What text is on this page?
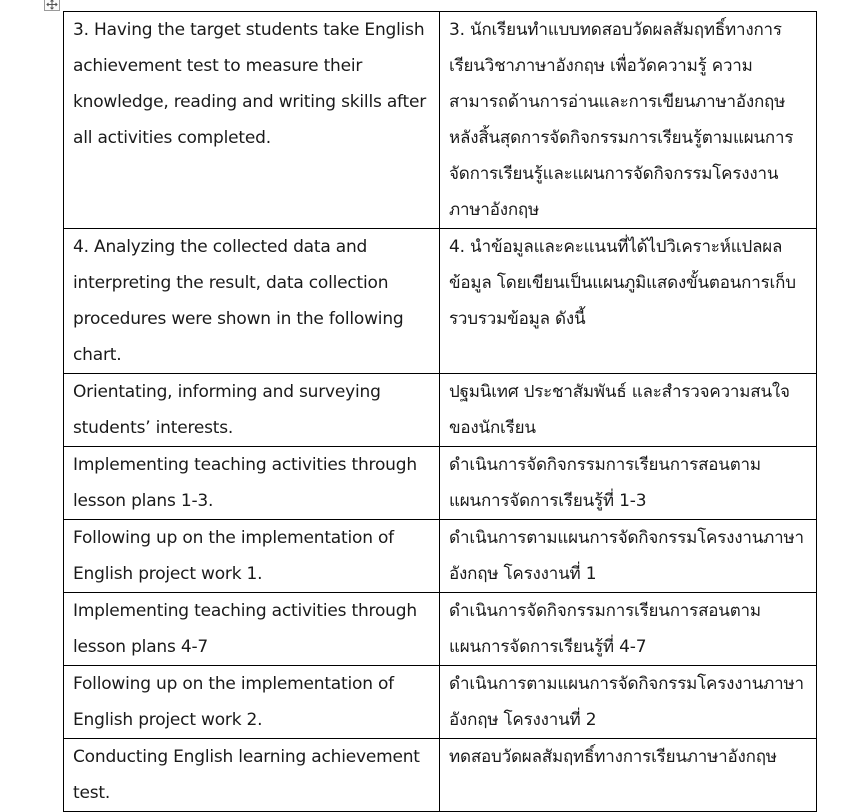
3. Having the target students take English achievement test to measure their knowledge, reading and writing skills after all activities completed.	3. นักเรียนทำแบบทดสอบวัดผลสัมฤทธิ์ทางการเรียนวิชาภาษาอังกฤษ เพื่อวัดความรู้ ความสามารถด้านการอ่านและการเขียนภาษาอังกฤษ หลังสิ้นสุดการจัดกิจกรรมการเรียนรู้ตามแผนการจัดการเรียนรู้และแผนการจัดกิจกรรมโครงงานภาษาอังกฤษ

4. Analyzing the collected data and interpreting the result, data collection procedures were shown in the following chart.	4. นำข้อมูลและคะแนนที่ได้ไปวิเคราะห์แปลผลข้อมูล โดยเขียนเป็นแผนภูมิแสดงขั้นตอนการเก็บรวบรวมข้อมูล ดังนี้

Orientating, informing and surveying students’ interests.	ปฐมนิเทศ ประชาสัมพันธ์ และสำรวจความสนใจของนักเรียน

Implementing teaching activities through lesson plans 1-3.	ดำเนินการจัดกิจกรรมการเรียนการสอนตามแผนการจัดการเรียนรู้ที่ 1-3

Following up on the implementation of English project work 1.	ดำเนินการตามแผนการจัดกิจกรรมโครงงานภาษาอังกฤษ โครงงานที่ 1

Implementing teaching activities through lesson plans 4-7	ดำเนินการจัดกิจกรรมการเรียนการสอนตามแผนการจัดการเรียนรู้ที่ 4-7

Following up on the implementation of English project work 2.	ดำเนินการตามแผนการจัดกิจกรรมโครงงานภาษาอังกฤษ โครงงานที่ 2

Conducting English learning achievement test.	ทดสอบวัดผลสัมฤทธิ์ทางการเรียนภาษาอังกฤษ
